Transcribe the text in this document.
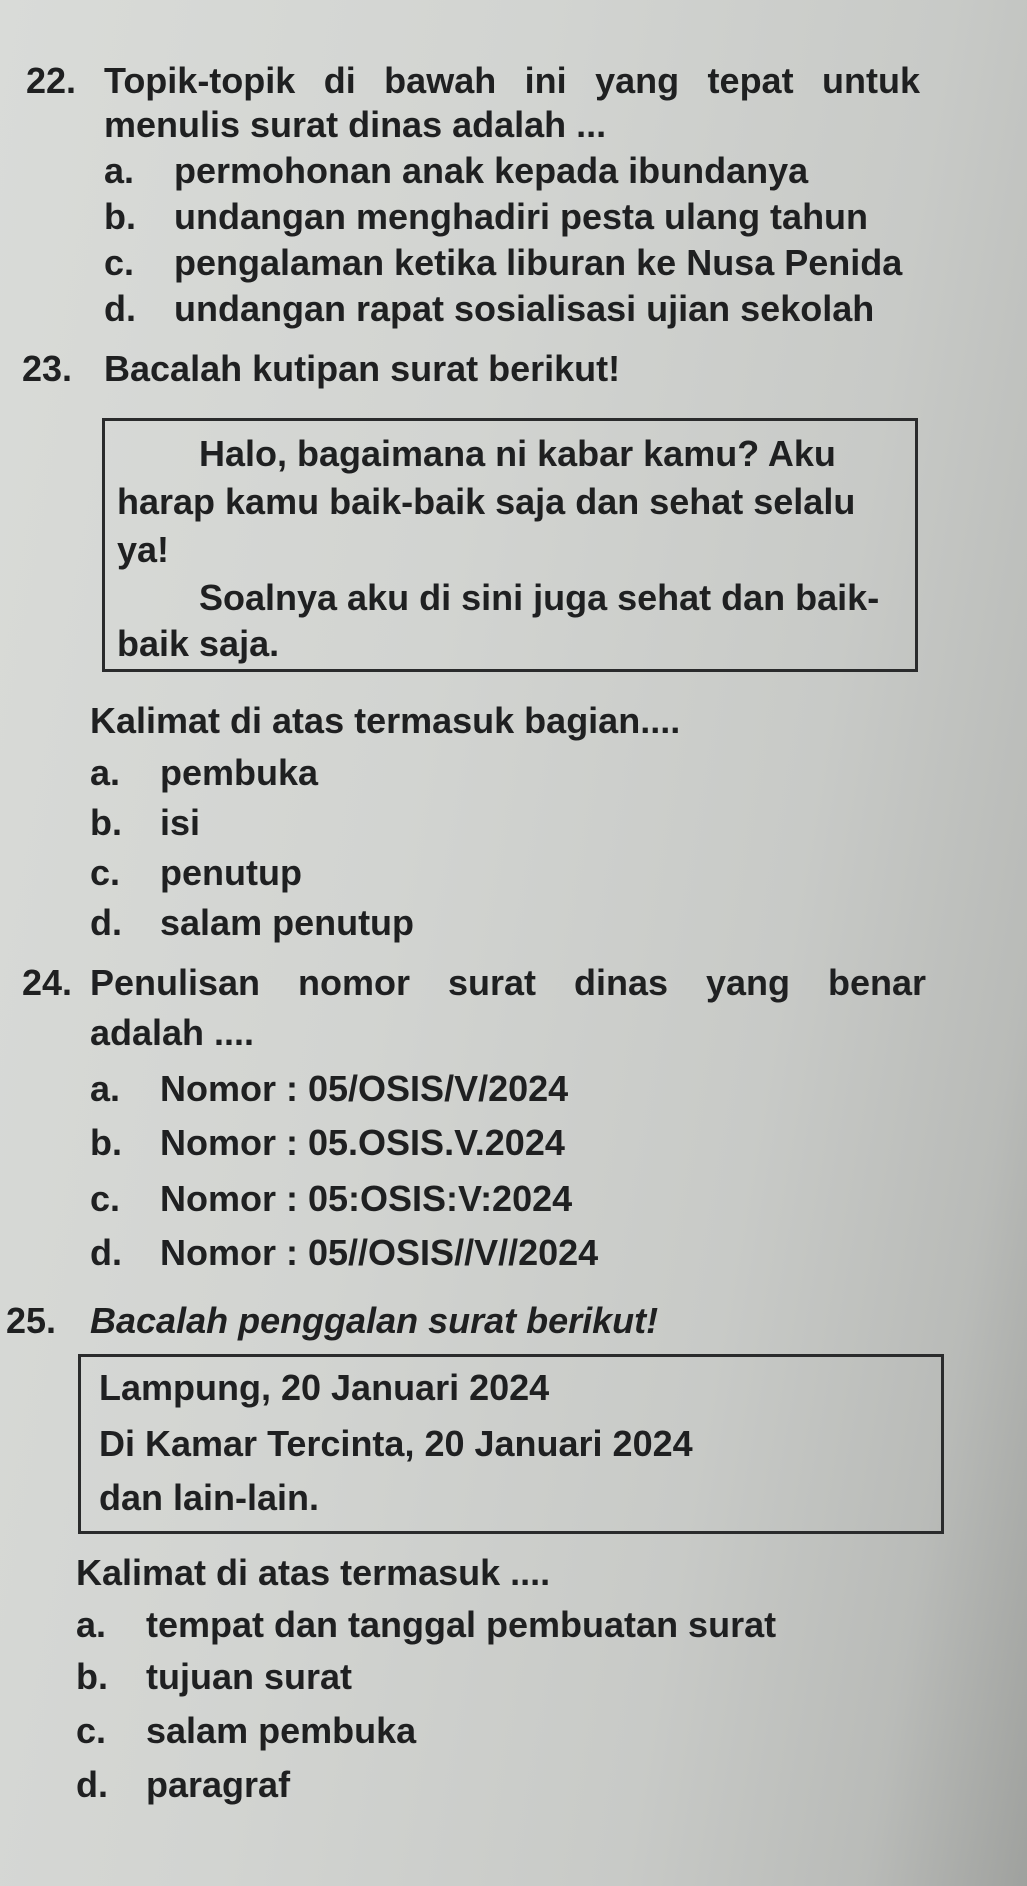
22. Topik-topik di bawah ini yang tepat untuk
menulis surat dinas adalah ...
a. permohonan anak kepada ibundanya
b. undangan menghadiri pesta ulang tahun
c. pengalaman ketika liburan ke Nusa Penida
d. undangan rapat sosialisasi ujian sekolah
23. Bacalah kutipan surat berikut!
Halo, bagaimana ni kabar kamu? Aku
harap kamu baik-baik saja dan sehat selalu
ya!
Soalnya aku di sini juga sehat dan baik-
baik saja.
Kalimat di atas termasuk bagian....
a. pembuka
b. isi
c. penutup
d. salam penutup
24. Penulisan nomor surat dinas yang benar
adalah ....
a. Nomor : 05/OSIS/V/2024
b. Nomor : 05.OSIS.V.2024
c. Nomor : 05:OSIS:V:2024
d. Nomor : 05//OSIS//V//2024
25. Bacalah penggalan surat berikut!
Lampung, 20 Januari 2024
Di Kamar Tercinta, 20 Januari 2024
dan lain-lain.
Kalimat di atas termasuk ....
a. tempat dan tanggal pembuatan surat
b. tujuan surat
c. salam pembuka
d. paragraf
